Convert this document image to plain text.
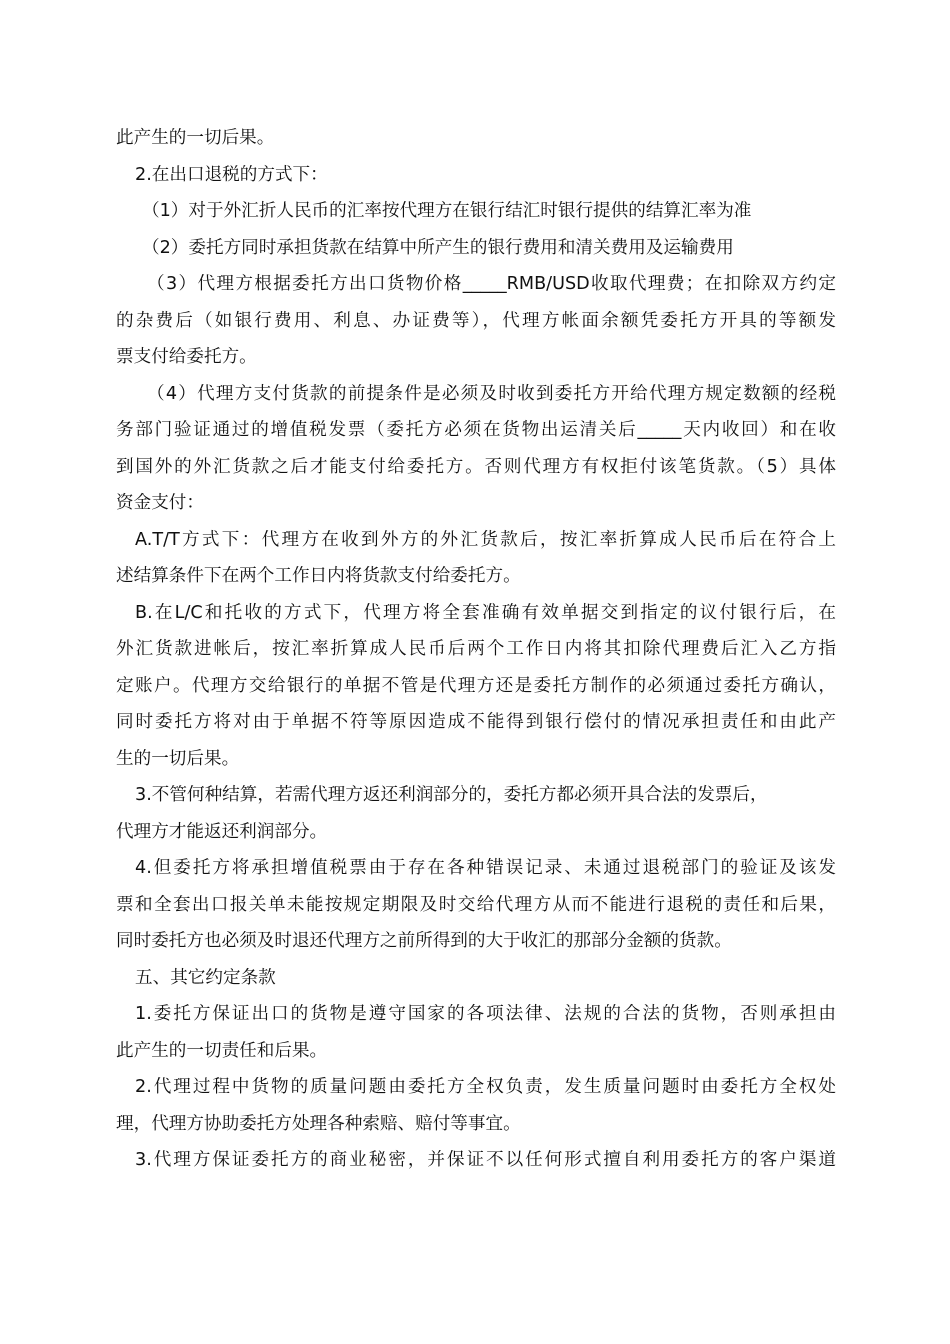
此产生的一切后果。
2.在出口退税的方式下：
（1）对于外汇折人民币的汇率按代理方在银行结汇时银行提供的结算汇率为准
（2）委托方同时承担货款在结算中所产生的银行费用和清关费用及运输费用
（3）代理方根据委托方出口货物价格_____RMB/USD收取代理费；在扣除双方约定
的杂费后（如银行费用、利息、办证费等），代理方帐面余额凭委托方开具的等额发
票支付给委托方。
（4）代理方支付货款的前提条件是必须及时收到委托方开给代理方规定数额的经税
务部门验证通过的增值税发票（委托方必须在货物出运清关后_____天内收回）和在收
到国外的外汇货款之后才能支付给委托方。否则代理方有权拒付该笔货款。（5）具体
资金支付：
A.T/T方式下：代理方在收到外方的外汇货款后，按汇率折算成人民币后在符合上
述结算条件下在两个工作日内将货款支付给委托方。
B.在L/C和托收的方式下，代理方将全套准确有效单据交到指定的议付银行后，在
外汇货款进帐后，按汇率折算成人民币后两个工作日内将其扣除代理费后汇入乙方指
定账户。代理方交给银行的单据不管是代理方还是委托方制作的必须通过委托方确认，
同时委托方将对由于单据不符等原因造成不能得到银行偿付的情况承担责任和由此产
生的一切后果。
3.不管何种结算，若需代理方返还利润部分的，委托方都必须开具合法的发票后，
代理方才能返还利润部分。
4.但委托方将承担增值税票由于存在各种错误记录、未通过退税部门的验证及该发
票和全套出口报关单未能按规定期限及时交给代理方从而不能进行退税的责任和后果，
同时委托方也必须及时退还代理方之前所得到的大于收汇的那部分金额的货款。
五、其它约定条款
1.委托方保证出口的货物是遵守国家的各项法律、法规的合法的货物，否则承担由
此产生的一切责任和后果。
2.代理过程中货物的质量问题由委托方全权负责，发生质量问题时由委托方全权处
理，代理方协助委托方处理各种索赔、赔付等事宜。
3.代理方保证委托方的商业秘密，并保证不以任何形式擅自利用委托方的客户渠道
